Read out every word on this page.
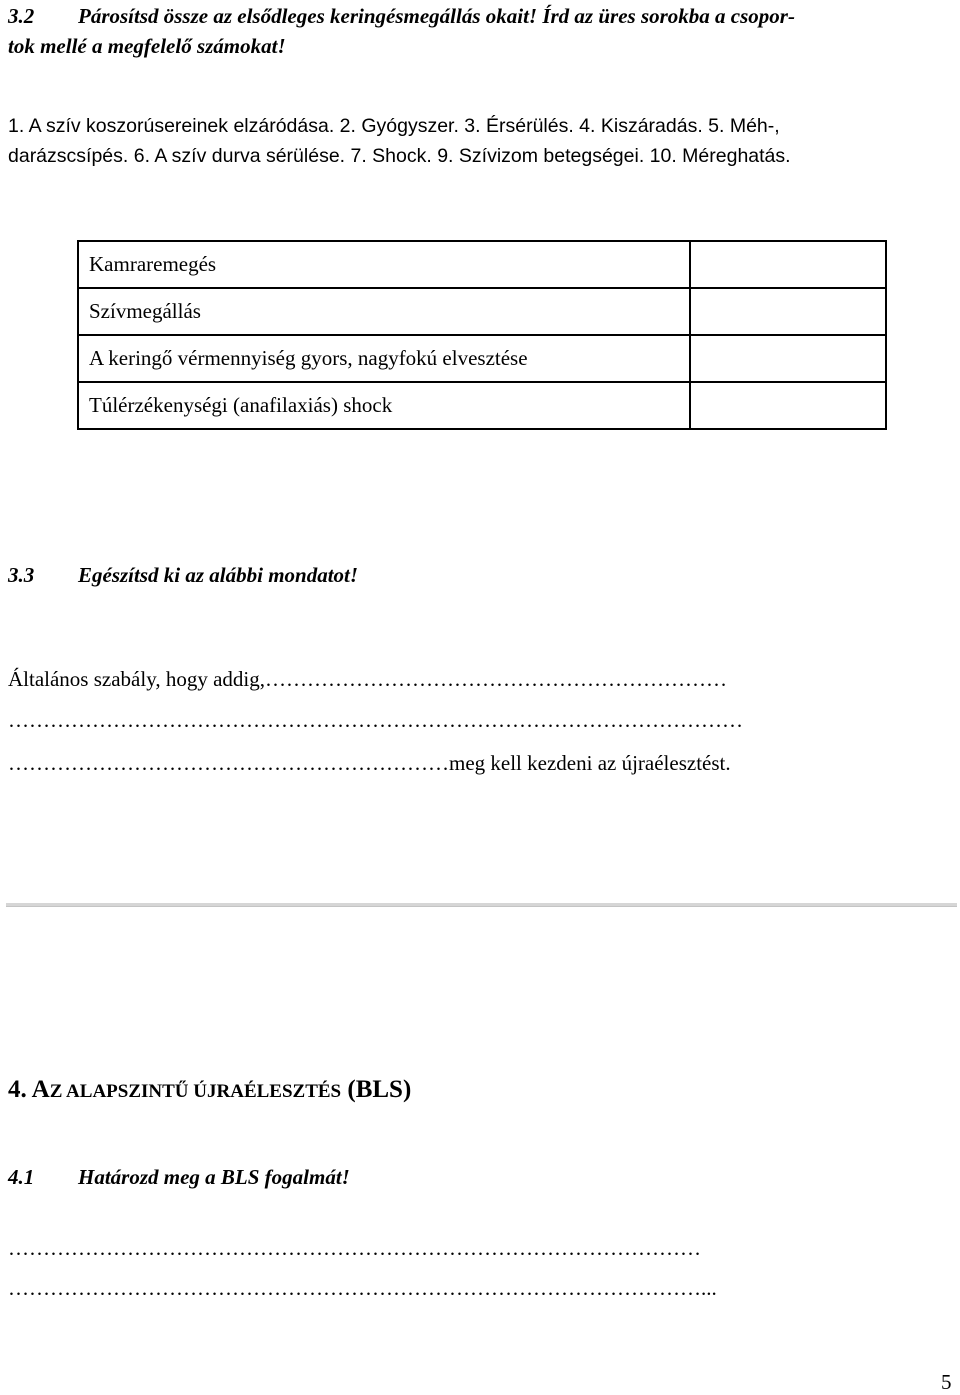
3.2 Párosítsd össze az elsődleges keringésmegállás okait! Írd az üres sorokba a csopor-
tok mellé a megfelelő számokat!
1. A szív koszorúsereinek elzáródása. 2. Gyógyszer. 3. Érsérülés. 4. Kiszáradás. 5. Méh-,
darázscsípés. 6. A szív durva sérülése. 7. Shock. 9. Szívizom betegségei. 10. Méreghatás.
Kamraremegés	
Szívmegállás	
A keringő vérmennyiség gyors, nagyfokú elvesztése	
Túlérzékenységi (anafilaxiás) shock	
3.3 Egészítsd ki az alábbi mondatot!
Általános szabály, hogy addig,…………………………………………………………
……………………………………………………………………………………………
………………………………………………………meg kell kezdeni az újraélesztést.
4. AZ ALAPSZINTŰ ÚJRAÉLESZTÉS (BLS)
4.1 Határozd meg a BLS fogalmát!
………………………………………………………………………………………
………………………………………………………………………………………...
5
